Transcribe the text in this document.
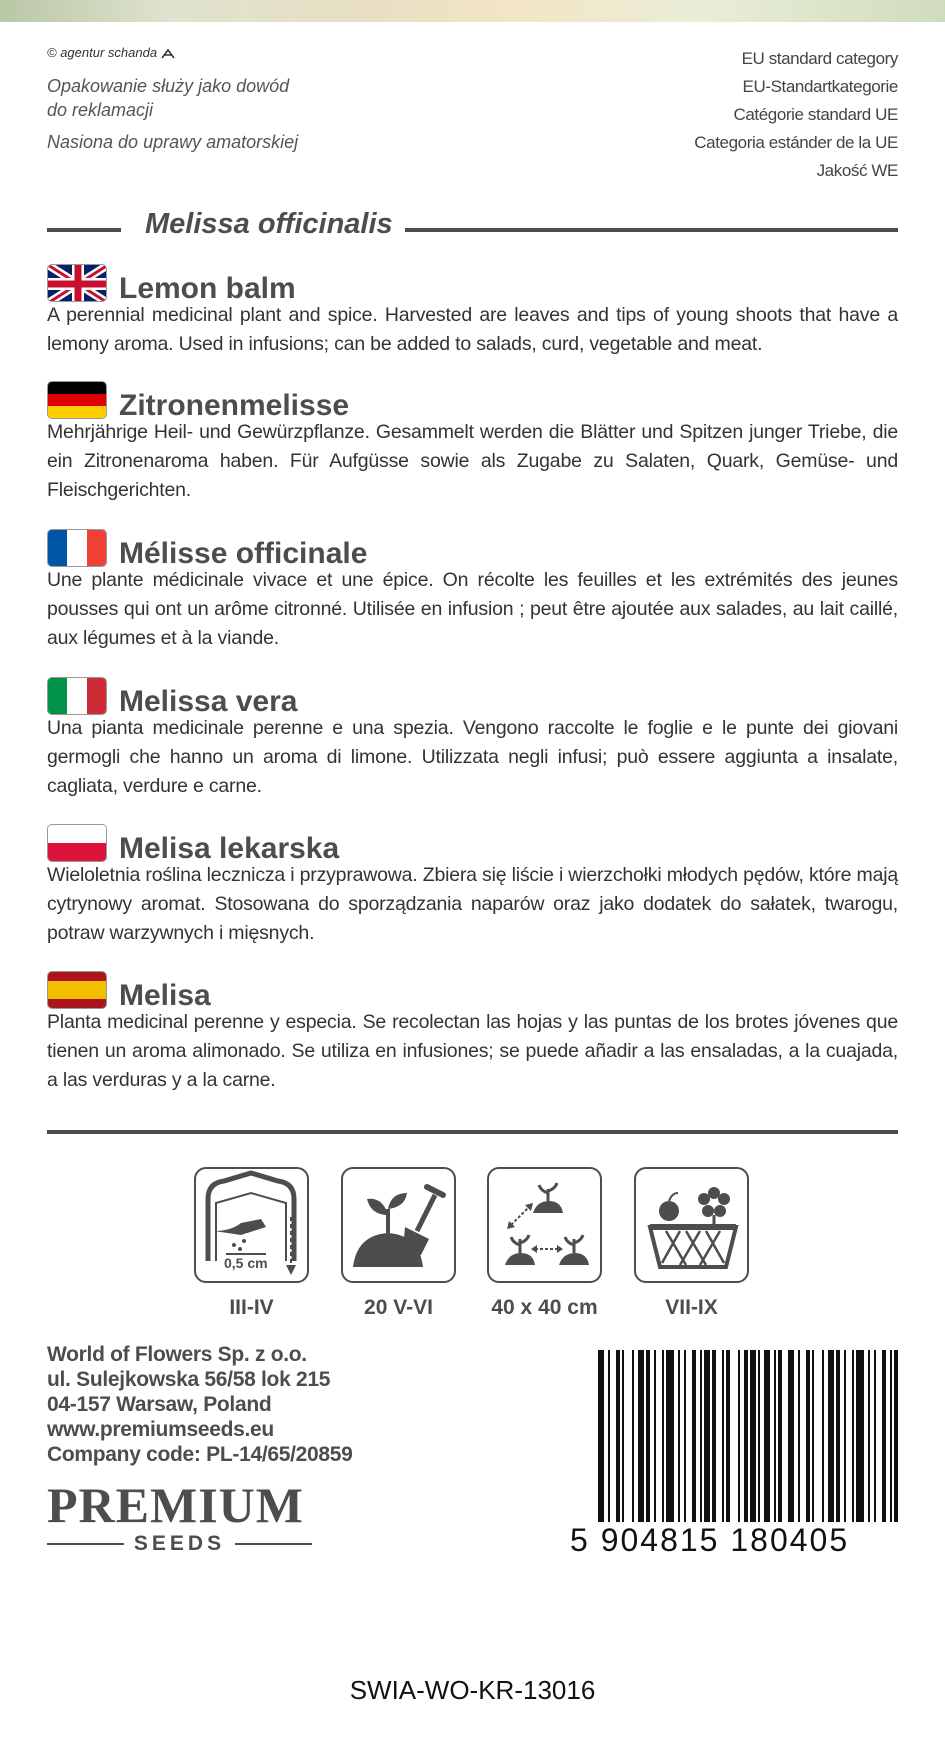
© agentur schanda
Opakowanie służy jako dowód do reklamacji
Nasiona do uprawy amatorskiej
EU standard category
EU-Standartkategorie
Catégorie standard UE
Categoria estánder de la UE
Jakość WE
Melissa officinalis
Lemon balm
A perennial medicinal plant and spice. Harvested are leaves and tips of young shoots that have a lemony aroma. Used in infusions; can be added to salads, curd, vegetable and meat.
Zitronenmelisse
Mehrjährige Heil- und Gewürzpflanze. Gesammelt werden die Blätter und Spitzen junger Triebe, die ein Zitronenaroma haben. Für Aufgüsse sowie als Zugabe zu Salaten, Quark, Gemüse- und Fleischgerichten.
Mélisse officinale
Une plante médicinale vivace et une épice. On récolte les feuilles et les extrémités des jeunes pousses qui ont un arôme citronné. Utilisée en infusion ; peut être ajoutée aux salades, au lait caillé, aux légumes et à la viande.
Melissa vera
Una pianta medicinale perenne e una spezia. Vengono raccolte le foglie e le punte dei giovani germogli che hanno un aroma di limone. Utilizzata negli infusi; può essere aggiunta a insalate, cagliata, verdure e carne.
Melisa lekarska
Wieloletnia roślina lecznicza i przyprawowa. Zbiera się liście i wierzchołki młodych pędów, które mają cytrynowy aromat. Stosowana do sporządzania naparów oraz jako dodatek do sałatek, twarogu, potraw warzywnych i mięsnych.
Melisa
Planta medicinal perenne y especia. Se recolectan las hojas y las puntas de los brotes jóvenes que tienen un aroma alimonado. Se utiliza en infusiones; se puede añadir a las ensaladas, a la cuajada, a las verduras y a la carne.
0,5 cm
III-IV	20 V-VI	40 x 40 cm	VII-IX
World of Flowers Sp. z o.o.
ul. Sulejkowska 56/58 lok 215
04-157 Warsaw, Poland
www.premiumseeds.eu
Company code: PL-14/65/20859
PREMIUM
SEEDS	5 904815 180405
SWIA-WO-KR-13016
